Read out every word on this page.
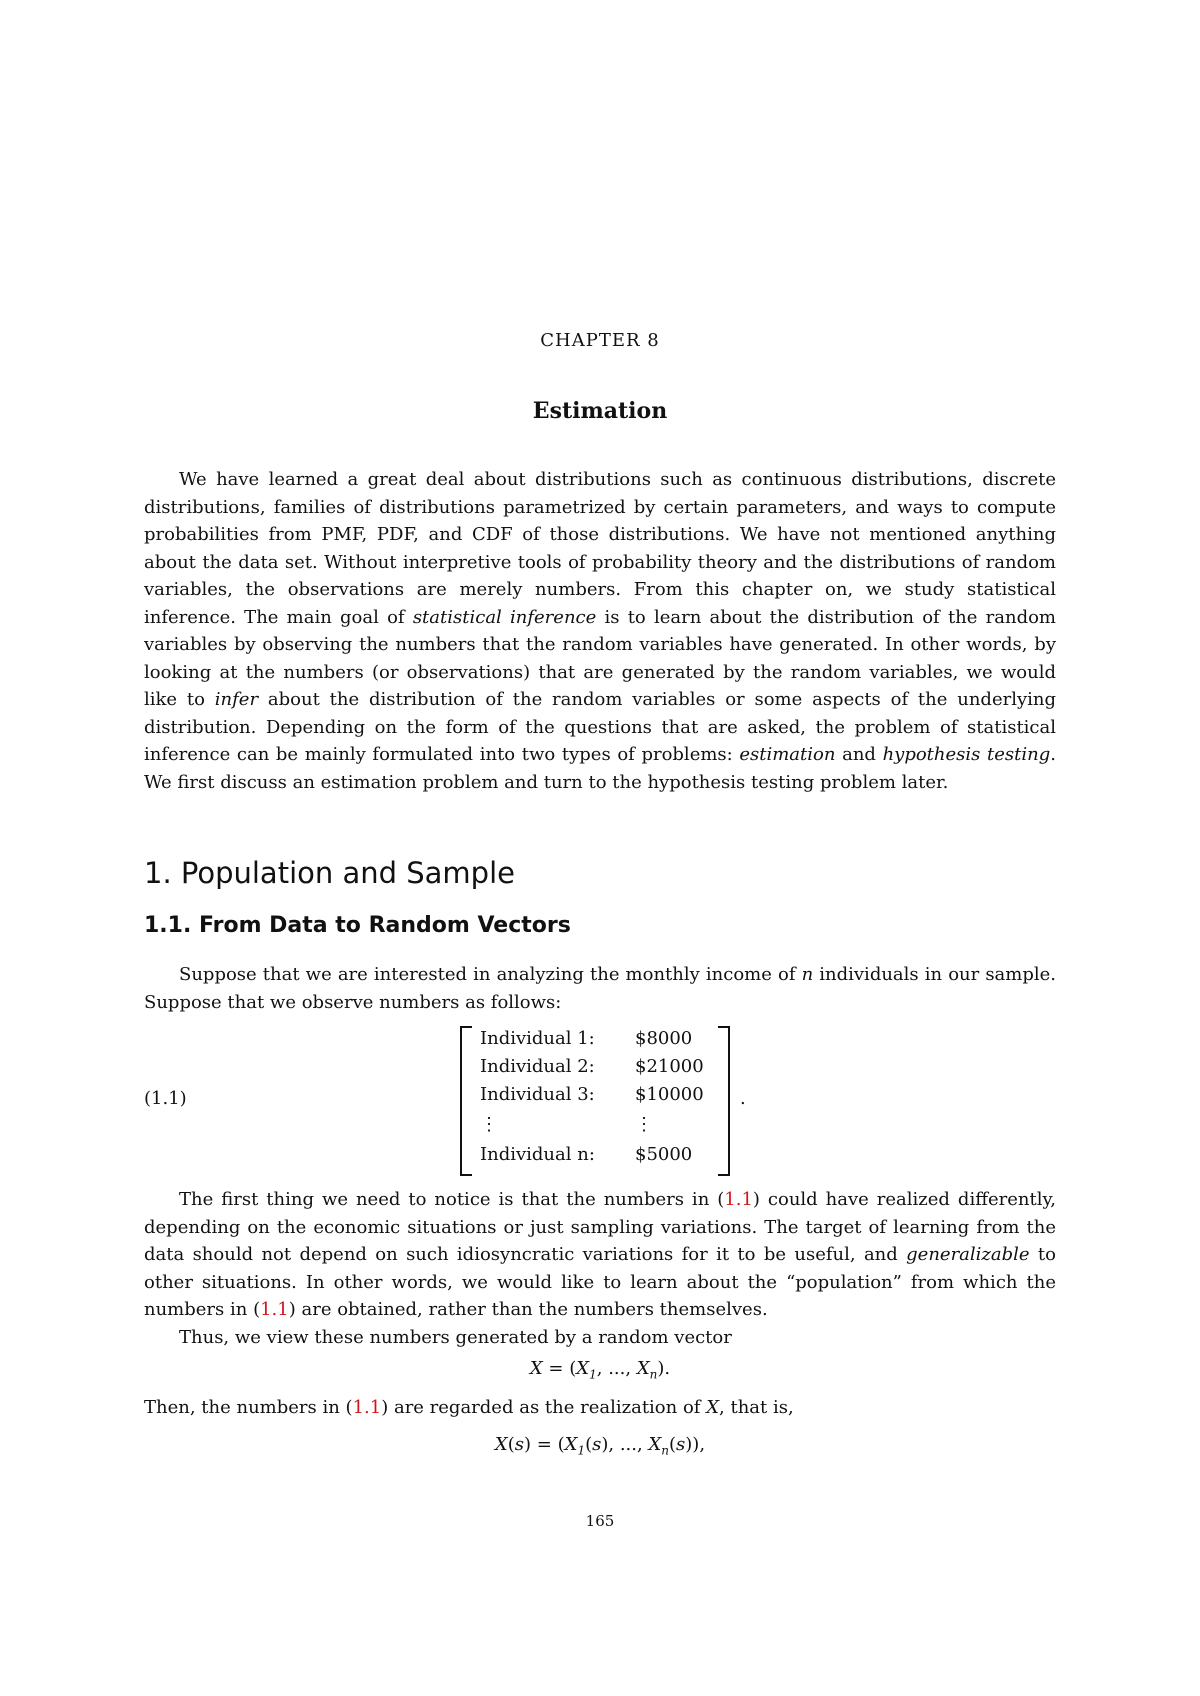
CHAPTER 8
Estimation

We have learned a great deal about distributions such as continuous distributions, discrete distributions, families of distributions parametrized by certain parameters, and ways to compute probabilities from PMF, PDF, and CDF of those distributions. We have not mentioned anything about the data set. Without interpretive tools of probability theory and the distributions of random variables, the observations are merely numbers. From this chapter on, we study statistical inference. The main goal of statistical inference is to learn about the distribution of the random variables by observing the numbers that the random variables have generated. In other words, by looking at the numbers (or observations) that are generated by the random variables, we would like to infer about the distribution of the random variables or some aspects of the underlying distribution. Depending on the form of the questions that are asked, the problem of statistical inference can be mainly formulated into two types of problems: estimation and hypothesis testing. We first discuss an estimation problem and turn to the hypothesis testing problem later.

1. Population and Sample
1.1. From Data to Random Vectors

Suppose that we are interested in analyzing the monthly income of n individuals in our sample. Suppose that we observe numbers as follows:

(1.1)
Individual 1: $8000
Individual 2: $21000
Individual 3: $10000
⋮	⋮
Individual n: $5000
.

The first thing we need to notice is that the numbers in (1.1) could have realized differently, depending on the economic situations or just sampling variations. The target of learning from the data should not depend on such idiosyncratic variations for it to be useful, and generalizable to other situations. In other words, we would like to learn about the “population” from which the numbers in (1.1) are obtained, rather than the numbers themselves.

Thus, we view these numbers generated by a random vector

$X = (X_1$, ..., $X_n$).

Then, the numbers in (1.1) are regarded as the realization of X, that is,

$X(s) = (X_1(s)$, ..., $X_n(s)$),
165
